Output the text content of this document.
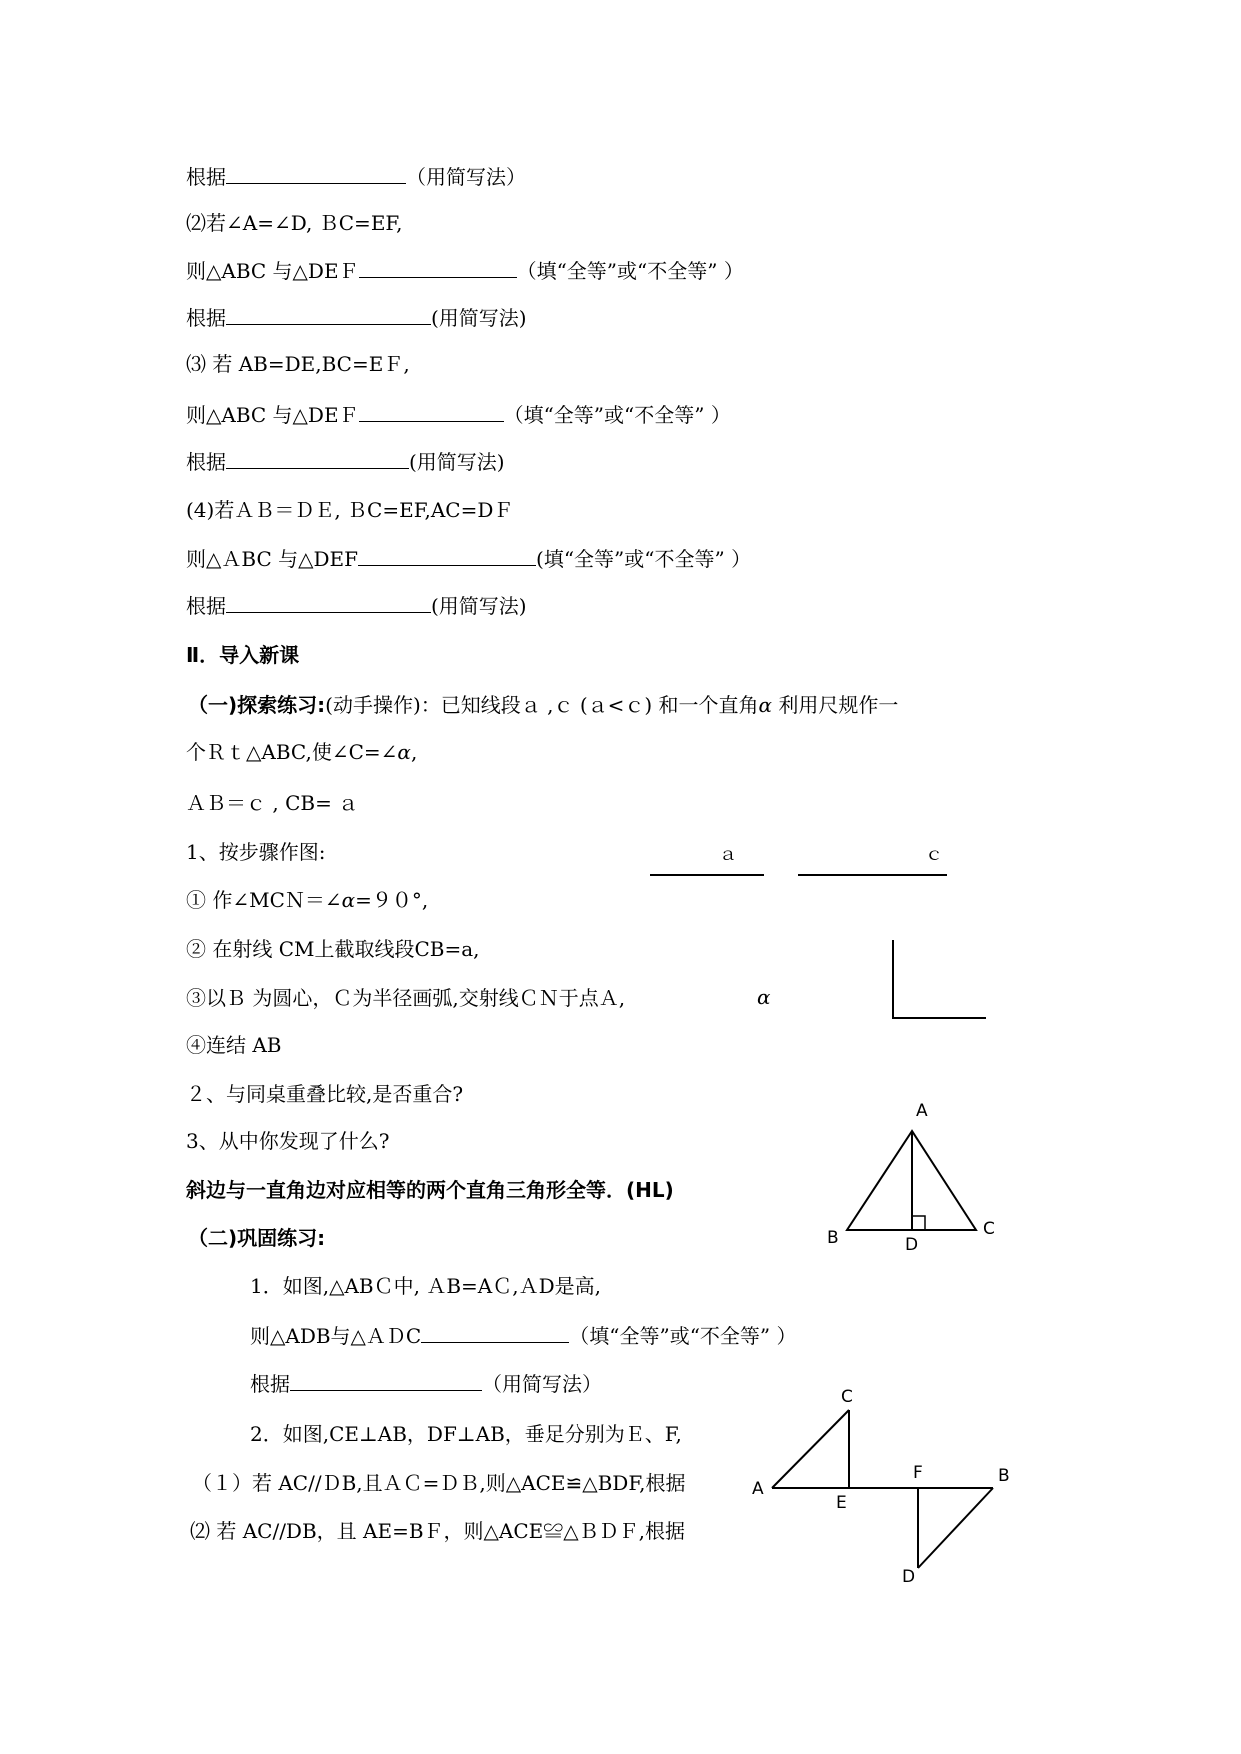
根据	（用简写法）
⑵若∠A=∠D, ＢC=EF,
则△ABC 与△DEＦ	（填“全等”或“不全等” ）
根据	(用简写法)
⑶ 若 AB=DE,BC=EＦ,
则△ABC 与△DEＦ	（填“全等”或“不全等” ）
根据	(用简写法)
(4)若ＡＢ＝ＤＥ, ＢC=EF,AC=DＦ
则△ＡBC 与△DEF	(填“全等”或“不全等” ）
根据	(用简写法)
Ⅱ．导入新课
（一)探索练习:(动手操作)：已知线段ａ ,ｃ (ａ<ｃ) 和一个直角α 利用尺规作一
个Ｒｔ△ABC,使∠C=∠α,
ＡＢ＝ｃ , CB= ａ
1、按步骤作图:
① 作∠MCＮ＝∠α=９０°,
② 在射线 CM上截取线段CB=a,
③以Ｂ 为圆心，Ｃ为半径画弧,交射线ＣＮ于点Ａ,
④连结 AB
２、与同桌重叠比较,是否重合?
3、从中你发现了什么?
斜边与一直角边对应相等的两个直角三角形全等．(HL)
（二)巩固练习:
1．如图,△ABＣ中, ＡB=AＣ,ＡD是高,
则△ADB与△ＡＤC	（填“全等”或“不全等” ）
根据	（用简写法）
2．如图,CE⊥AB，DF⊥AB，垂足分别为Ｅ、F,
（１）若 AC//ＤB,且ＡＣ=ＤＢ,则△ACE≌△BDF,根据
⑵ 若 AC//DB，且 AE=BＦ，则△ACE≌△ＢＤＦ,根据
ａ	ｃ
α
A
B	C
D
C
A
E
F	B
D
